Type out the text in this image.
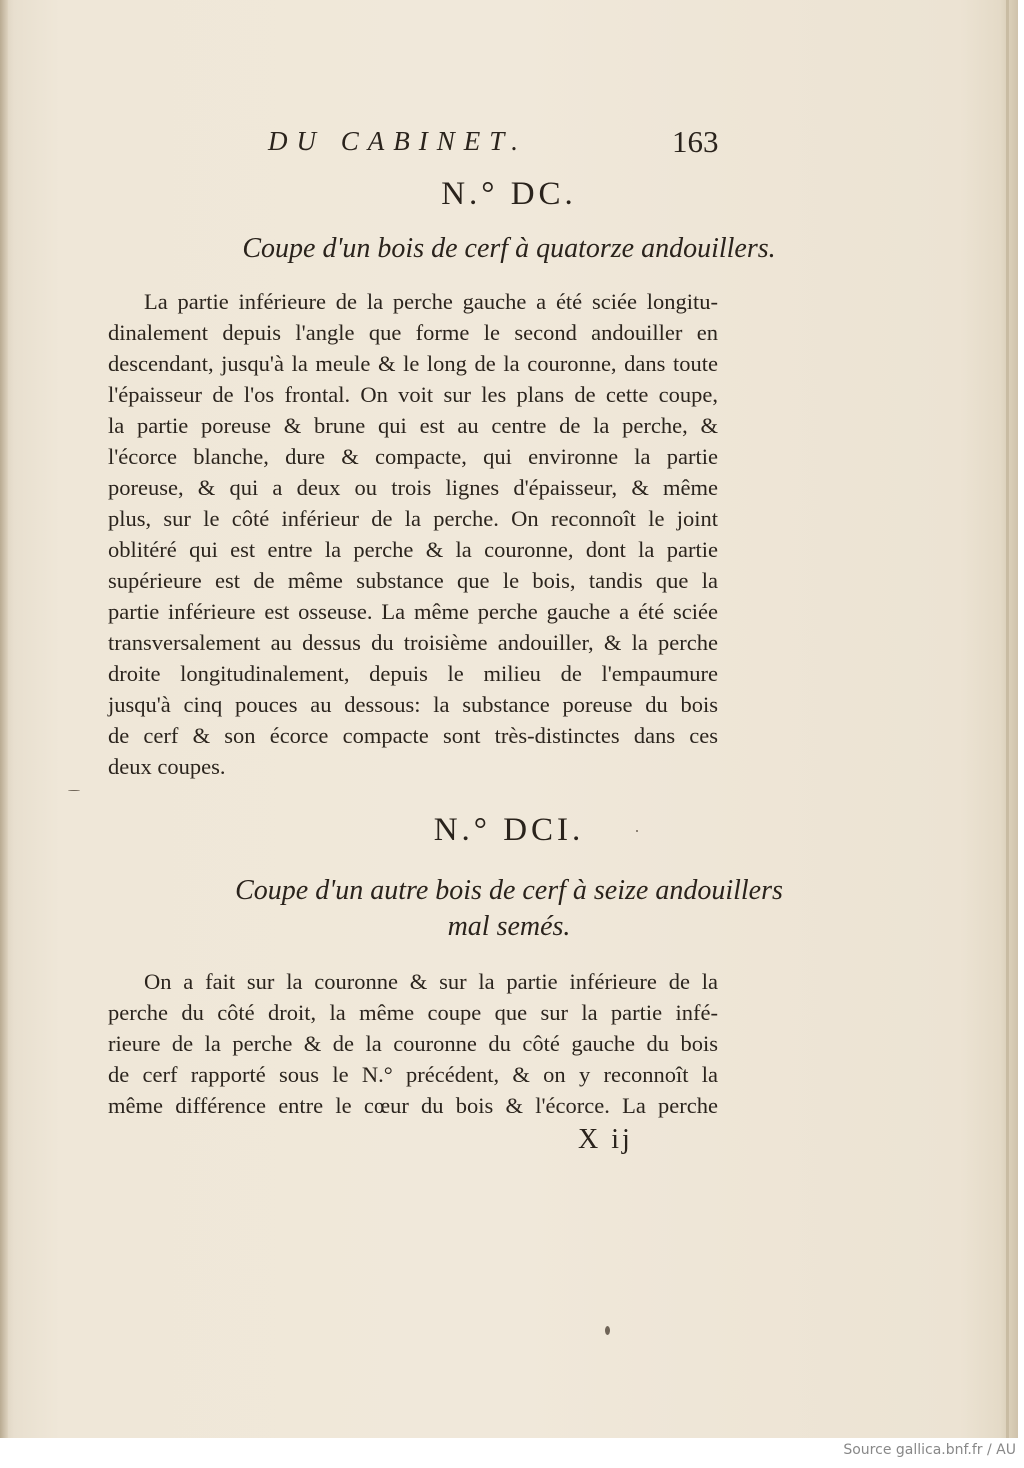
DU CABINET.	163
N.° DC.
Coupe d'un bois de cerf à quatorze andouillers.
La partie inférieure de la perche gauche a été sciée longitu-
dinalement depuis l'angle que forme le second andouiller en
descendant, jusqu'à la meule & le long de la couronne, dans toute
l'épaisseur de l'os frontal. On voit sur les plans de cette coupe,
la partie poreuse & brune qui est au centre de la perche, &
l'écorce blanche, dure & compacte, qui environne la partie
poreuse, & qui a deux ou trois lignes d'épaisseur, & même
plus, sur le côté inférieur de la perche. On reconnoît le joint
oblitéré qui est entre la perche & la couronne, dont la partie
supérieure est de même substance que le bois, tandis que la
partie inférieure est osseuse. La même perche gauche a été sciée
transversalement au dessus du troisième andouiller, & la perche
droite longitudinalement, depuis le milieu de l'empaumure
jusqu'à cinq pouces au dessous: la substance poreuse du bois
de cerf & son écorce compacte sont très-distinctes dans ces
deux coupes.
N.° DCI.
Coupe d'un autre bois de cerf à seize andouillers
mal semés.
On a fait sur la couronne & sur la partie inférieure de la
perche du côté droit, la même coupe que sur la partie infé-
rieure de la perche & de la couronne du côté gauche du bois
de cerf rapporté sous le N.° précédent, & on y reconnoît la
même différence entre le cœur du bois & l'écorce. La perche
X ij
Source gallica.bnf.fr / AU
